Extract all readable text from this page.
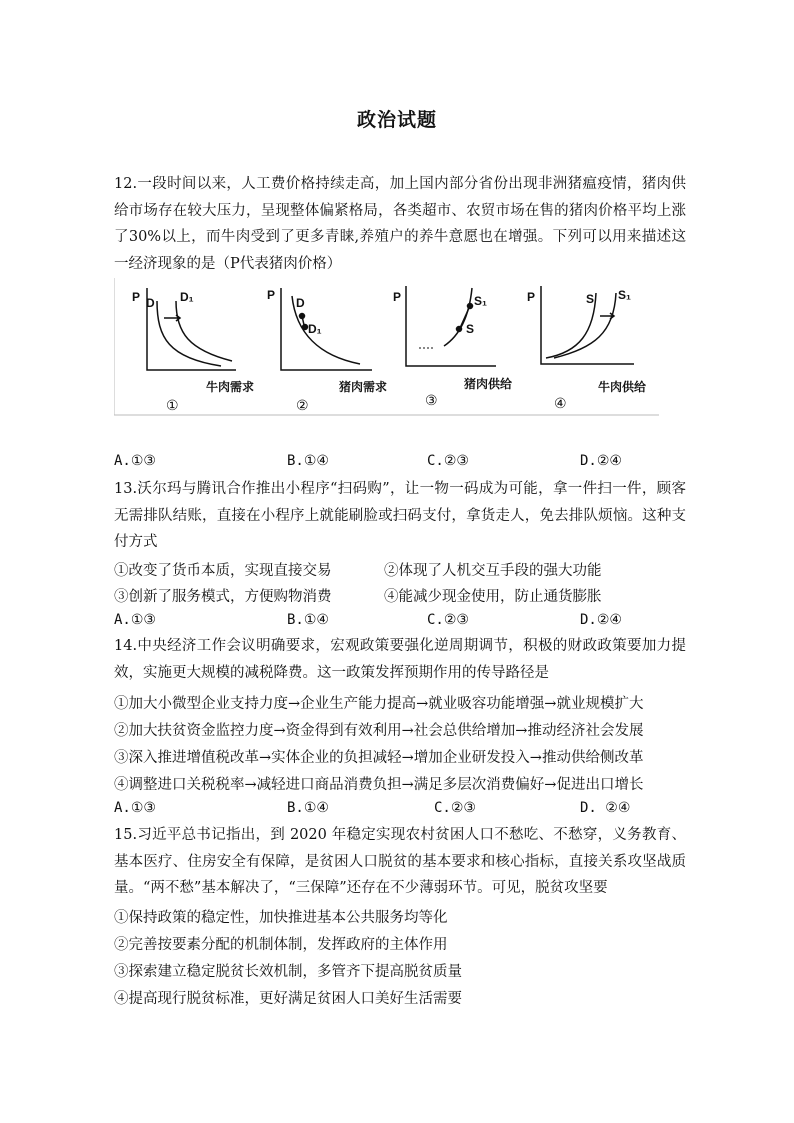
政治试题
12.一段时间以来，人工费价格持续走高，加上国内部分省份出现非洲猪瘟疫情，猪肉供给市场存在较大压力，呈现整体偏紧格局，各类超市、农贸市场在售的猪肉价格平均上涨了30%以上，而牛肉受到了更多青睐,养殖户的养牛意愿也在增强。下列可以用来描述这一经济现象的是（P代表猪肉价格）
P	P	P	P
D D₁	D
D₁
S₁
S
S S₁
牛肉需求	猪肉需求	猪肉供给	牛肉供给
①	②	③	④
A.①③	B.①④	C.②③	D.②④
13.沃尔玛与腾讯合作推出小程序“扫码购”，让一物一码成为可能，拿一件扫一件，顾客无需排队结账，直接在小程序上就能刷脸或扫码支付，拿货走人，免去排队烦恼。这种支付方式
①改变了货币本质，实现直接交易	②体现了人机交互手段的强大功能
③创新了服务模式，方便购物消费	④能减少现金使用，防止通货膨胀
A.①③	B.①④	C.②③	D.②④
14.中央经济工作会议明确要求，宏观政策要强化逆周期调节，积极的财政政策要加力提效，实施更大规模的减税降费。这一政策发挥预期作用的传导路径是
①加大小微型企业支持力度→企业生产能力提高→就业吸容功能增强→就业规模扩大
②加大扶贫资金监控力度→资金得到有效利用→社会总供给增加→推动经济社会发展
③深入推进增值税改革→实体企业的负担减轻→增加企业研发投入→推动供给侧改革
④调整进口关税税率→减轻进口商品消费负担→满足多层次消费偏好→促进出口增长
A.①③	B.①④	C.②③	D. ②④
15.习近平总书记指出，到 2020 年稳定实现农村贫困人口不愁吃、不愁穿，义务教育、基本医疗、住房安全有保障，是贫困人口脱贫的基本要求和核心指标，直接关系攻坚战质量。“两不愁”基本解决了，“三保障”还存在不少薄弱环节。可见，脱贫攻坚要
①保持政策的稳定性，加快推进基本公共服务均等化
②完善按要素分配的机制体制，发挥政府的主体作用
③探索建立稳定脱贫长效机制，多管齐下提高脱贫质量
④提高现行脱贫标准，更好满足贫困人口美好生活需要
